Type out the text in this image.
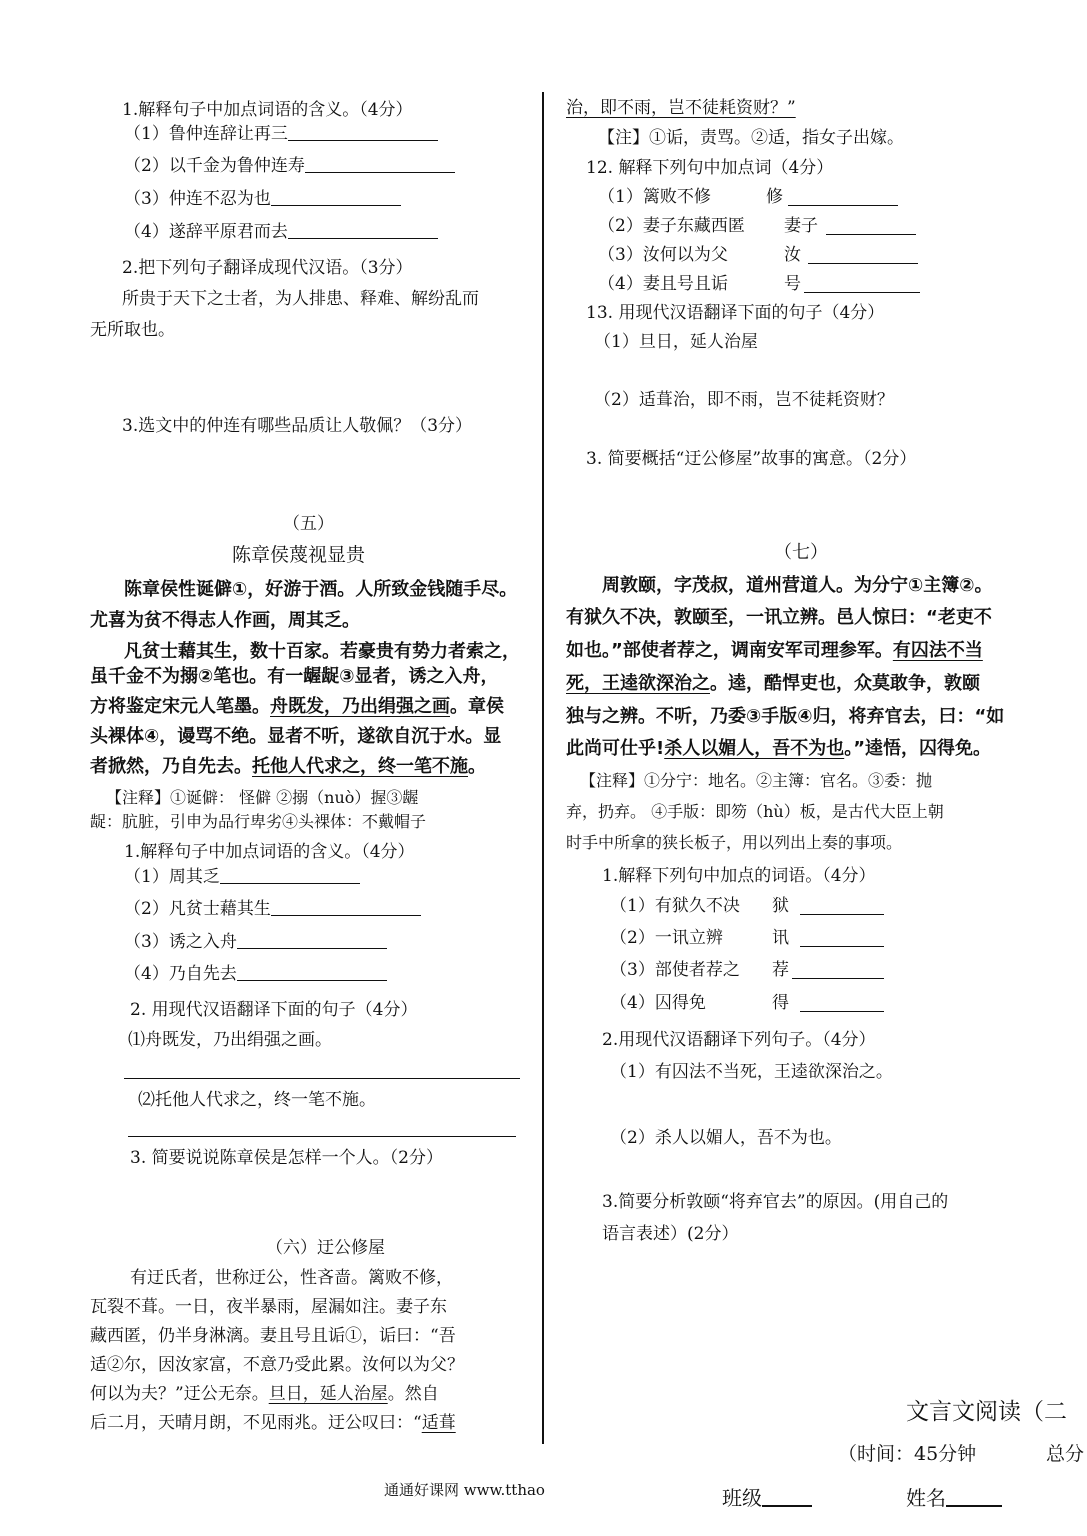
1.解释句子中加点词语的含义。（4分）
（1）鲁仲连辞让再三
（2）以千金为鲁仲连寿
（3）仲连不忍为也
（4）遂辞平原君而去
2.把下列句子翻译成现代汉语。（3分）
所贵于天下之士者，为人排患、释难、解纷乱而
无所取也。
3.选文中的仲连有哪些品质让人敬佩？（3分）
（五）
陈章侯蔑视显贵
陈章侯性诞僻①，好游于酒。人所致金钱随手尽。
尤喜为贫不得志人作画，周其乏。
凡贫士藉其生，数十百家。若豪贵有势力者索之，
虽千金不为搦②笔也。有一龌龊③显者，诱之入舟，
方将鉴定宋元人笔墨。舟既发，乃出绢强之画。章侯
头裸体④，谩骂不绝。显者不听，遂欲自沉于水。显
者掀然，乃自先去。托他人代求之，终一笔不施。
【注释】①诞僻： 怪僻 ②搦（nuò）握③龌
龊：肮脏，引申为品行卑劣④头裸体：不戴帽子
1.解释句子中加点词语的含义。（4分）
（1）周其乏
（2）凡贫士藉其生
（3）诱之入舟
（4）乃自先去
2. 用现代汉语翻译下面的句子（4分）
⑴舟既发，乃出绢强之画。
⑵托他人代求之，终一笔不施。
3. 简要说说陈章侯是怎样一个人。（2分）
（六）迂公修屋
有迂氏者，世称迂公，性吝啬。篱败不修，
瓦裂不葺。一日，夜半暴雨，屋漏如注。妻子东
藏西匿，仍半身淋漓。妻且号且诟①，诟曰：“吾
适②尔，因汝家富，不意乃受此累。汝何以为父？
何以为夫？”迂公无奈。旦日，延人治屋。然自
后二月，天晴月朗，不见雨兆。迂公叹曰：“适葺
通通好课网 www.tthao
治，即不雨，岂不徒耗资财？”
【注】①诟，责骂。②适，指女子出嫁。
12. 解释下列句中加点词（4分）
（1）篱败不修	修
（2）妻子东藏西匿 妻子
（3）汝何以为父	汝
（4）妻且号且诟	号
13. 用现代汉语翻译下面的句子（4分）
（1）旦日，延人治屋
（2）适葺治，即不雨，岂不徒耗资财？
3. 简要概括“迂公修屋”故事的寓意。（2分）
（七）
周敦颐，字茂叔，道州营道人。为分宁①主簿②。
有狱久不决，敦颐至，一讯立辨。邑人惊曰：“老吏不
如也。”部使者荐之，调南安军司理参军。有囚法不当
死，王逵欲深治之。逵，酷悍吏也，众莫敢争，敦颐
独与之辨。不听，乃委③手版④归，将弃官去，曰：“如
此尚可仕乎!杀人以媚人，吾不为也。”逵悟，囚得免。
【注释】①分宁：地名。②主簿：官名。③委：抛
弃，扔弃。 ④手版：即笏（hù）板，是古代大臣上朝
时手中所拿的狭长板子，用以列出上奏的事项。
1.解释下列句中加点的词语。（4分）
（1）有狱久不决 狱
（2）一讯立辨	讯
（3）部使者荐之 荐
（4）囚得免	得
2.用现代汉语翻译下列句子。（4分）
（1）有囚法不当死，王逵欲深治之。
（2）杀人以媚人，吾不为也。
3.简要分析敦颐“将弃官去”的原因。(用自己的
语言表述）(2分）
文言文阅读（二
（时间：45分钟	总分
班级	姓名
